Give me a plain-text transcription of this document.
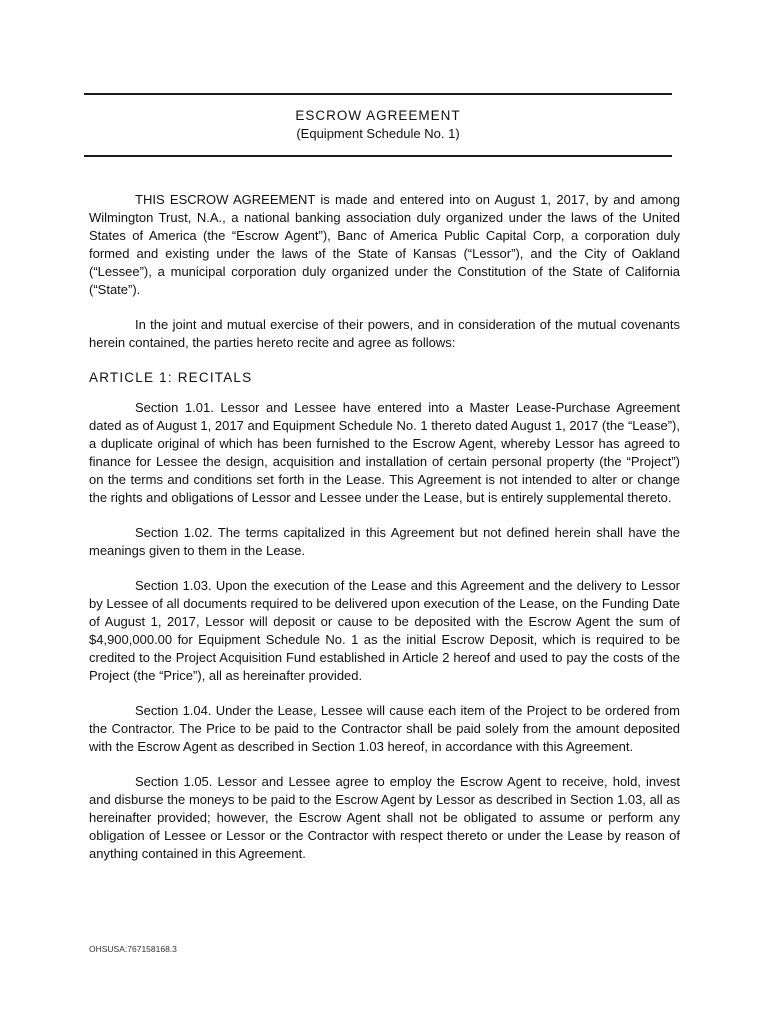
ESCROW AGREEMENT
(Equipment Schedule No. 1)

THIS ESCROW AGREEMENT is made and entered into on August 1, 2017, by and among Wilmington Trust, N.A., a national banking association duly organized under the laws of the United States of America (the “Escrow Agent”), Banc of America Public Capital Corp, a corporation duly formed and existing under the laws of the State of Kansas (“Lessor”), and the City of Oakland (“Lessee”), a municipal corporation duly organized under the Constitution of the State of California (“State”).

In the joint and mutual exercise of their powers, and in consideration of the mutual covenants herein contained, the parties hereto recite and agree as follows:

ARTICLE 1: RECITALS

Section 1.01. Lessor and Lessee have entered into a Master Lease-Purchase Agreement dated as of August 1, 2017 and Equipment Schedule No. 1 thereto dated August 1, 2017 (the “Lease”), a duplicate original of which has been furnished to the Escrow Agent, whereby Lessor has agreed to finance for Lessee the design, acquisition and installation of certain personal property (the “Project”) on the terms and conditions set forth in the Lease. This Agreement is not intended to alter or change the rights and obligations of Lessor and Lessee under the Lease, but is entirely supplemental thereto.

Section 1.02. The terms capitalized in this Agreement but not defined herein shall have the meanings given to them in the Lease.

Section 1.03. Upon the execution of the Lease and this Agreement and the delivery to Lessor by Lessee of all documents required to be delivered upon execution of the Lease, on the Funding Date of August 1, 2017, Lessor will deposit or cause to be deposited with the Escrow Agent the sum of $4,900,000.00 for Equipment Schedule No. 1 as the initial Escrow Deposit, which is required to be credited to the Project Acquisition Fund established in Article 2 hereof and used to pay the costs of the Project (the “Price”), all as hereinafter provided.

Section 1.04. Under the Lease, Lessee will cause each item of the Project to be ordered from the Contractor. The Price to be paid to the Contractor shall be paid solely from the amount deposited with the Escrow Agent as described in Section 1.03 hereof, in accordance with this Agreement.

Section 1.05. Lessor and Lessee agree to employ the Escrow Agent to receive, hold, invest and disburse the moneys to be paid to the Escrow Agent by Lessor as described in Section 1.03, all as hereinafter provided; however, the Escrow Agent shall not be obligated to assume or perform any obligation of Lessee or Lessor or the Contractor with respect thereto or under the Lease by reason of anything contained in this Agreement.

OHSUSA:767158168.3
